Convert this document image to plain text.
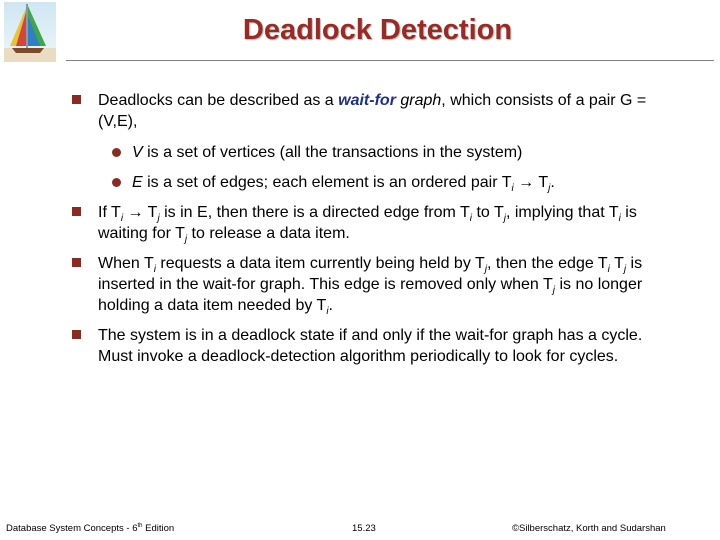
Deadlock Detection
Deadlocks can be described as a wait-for graph, which consists of a pair G = (V,E),
V is a set of vertices (all the transactions in the system)
E is a set of edges; each element is an ordered pair $T_i \to T_j$.
If $T_i \to T_j$ is in E, then there is a directed edge from $T_i$ to $T_j$, implying that $T_i$ is waiting for $T_j$ to release a data item.
When $T_i$ requests a data item currently being held by $T_j$, then the edge $T_i$ $T_j$ is inserted in the wait-for graph. This edge is removed only when $T_j$ is no longer holding a data item needed by $T_i$.
The system is in a deadlock state if and only if the wait-for graph has a cycle. Must invoke a deadlock-detection algorithm periodically to look for cycles.
Database System Concepts - 6th Edition	15.23	©Silberschatz, Korth and Sudarshan
